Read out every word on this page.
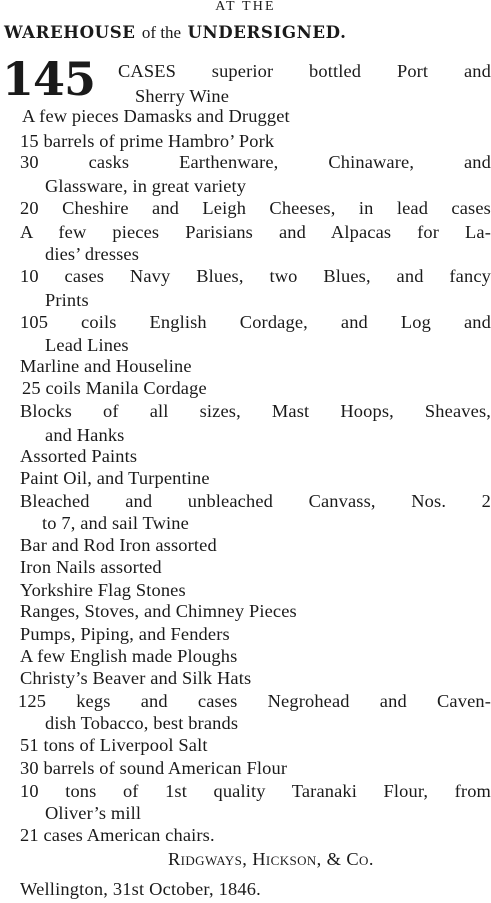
AT THE
WAREHOUSE of the UNDERSIGNED.
145 CASES superior bottled Port and
Sherry Wine
A few pieces Damasks and Drugget
15 barrels of prime Hambro’ Pork
30 casks Earthenware, Chinaware, and
Glassware, in great variety
20 Cheshire and Leigh Cheeses, in lead cases
A few pieces Parisians and Alpacas for La-
dies’ dresses
10 cases Navy Blues, two Blues, and fancy
Prints
105 coils English Cordage, and Log and
Lead Lines
Marline and Houseline
25 coils Manila Cordage
Blocks of all sizes, Mast Hoops, Sheaves,
and Hanks
Assorted Paints
Paint Oil, and Turpentine
Bleached and unbleached Canvass, Nos. 2
to 7, and sail Twine
Bar and Rod Iron assorted
Iron Nails assorted
Yorkshire Flag Stones
Ranges, Stoves, and Chimney Pieces
Pumps, Piping, and Fenders
A few English made Ploughs
Christy’s Beaver and Silk Hats
125 kegs and cases Negrohead and Caven-
dish Tobacco, best brands
51 tons of Liverpool Salt
30 barrels of sound American Flour
10 tons of 1st quality Taranaki Flour, from
Oliver’s mill
21 cases American chairs.
Ridgways, Hickson, & Co.
Wellington, 31st October, 1846.
